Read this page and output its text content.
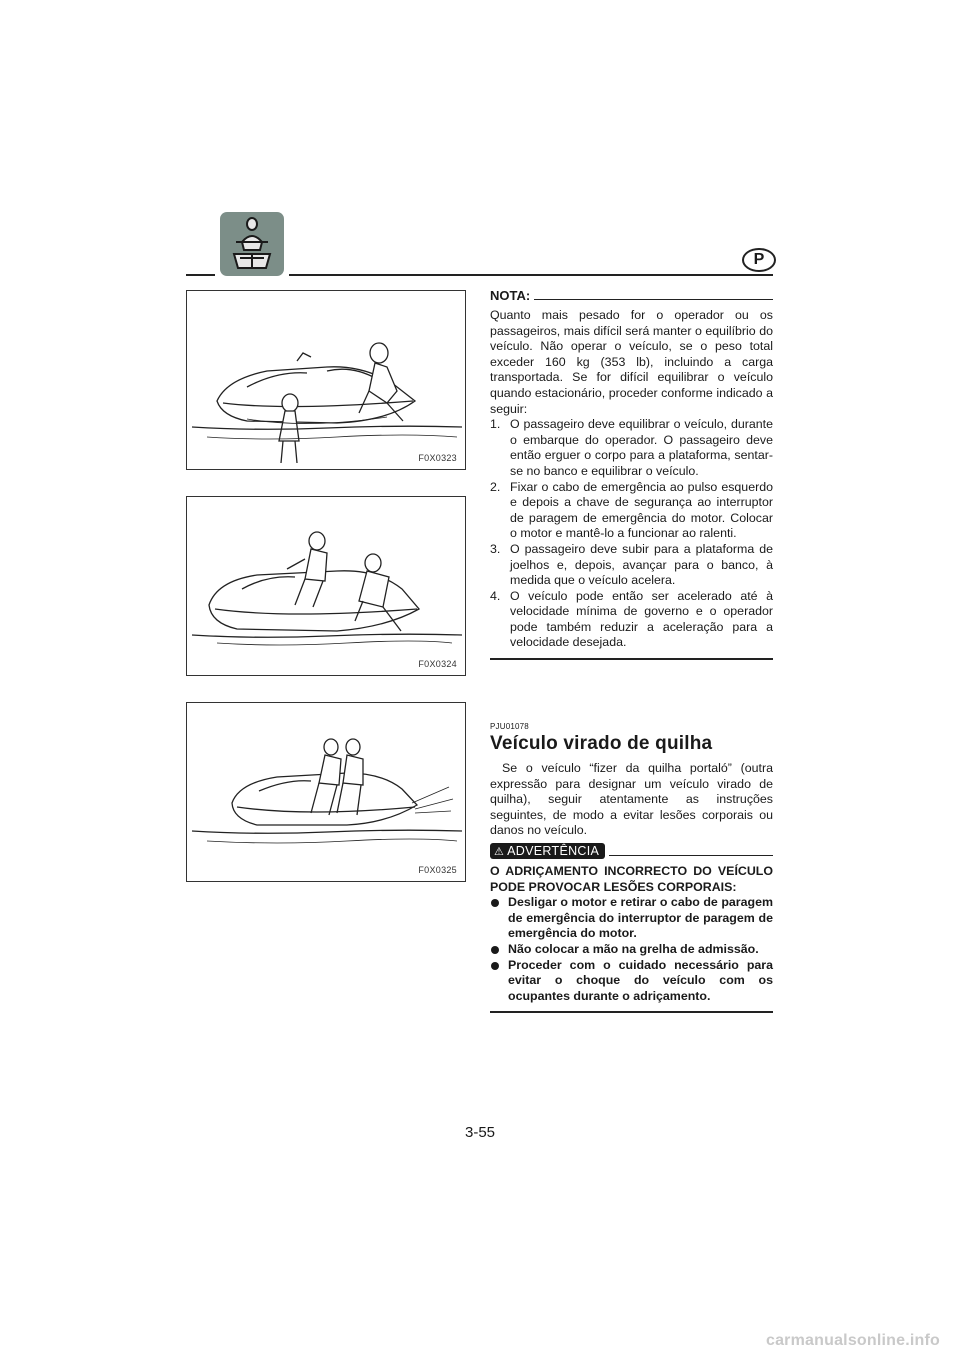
P
F0X0323
F0X0324
F0X0325
NOTA:

Quanto mais pesado for o operador ou os passageiros, mais difícil será manter o equilíbrio do veículo. Não operar o veículo, se o peso total exceder 160 kg (353 lb), incluindo a carga transportada. Se for difícil equilibrar o veículo quando estacionário, proceder conforme indicado a seguir:

1. O passageiro deve equilibrar o veículo, durante o embarque do operador. O passageiro deve então erguer o corpo para a plataforma, sentar-se no banco e equilibrar o veículo.
2. Fixar o cabo de emergência ao pulso esquerdo e depois a chave de segurança ao interruptor de paragem de emergência do motor. Colocar o motor e mantê-lo a funcionar ao ralenti.
3. O passageiro deve subir para a plataforma de joelhos e, depois, avançar para o banco, à medida que o veículo acelera.
4. O veículo pode então ser acelerado até à velocidade mínima de governo e o operador pode também reduzir a aceleração para a velocidade desejada.
PJU01078
Veículo virado de quilha

Se o veículo “fizer da quilha portaló” (outra expressão para designar um veículo virado de quilha), seguir atentamente as instruções seguintes, de modo a evitar lesões corporais ou danos no veículo.

⚠ ADVERTÊNCIA

O ADRIÇAMENTO INCORRECTO DO VEÍCULO PODE PROVOCAR LESÕES CORPORAIS:

Desligar o motor e retirar o cabo de paragem de emergência do interruptor de paragem de emergência do motor.
Não colocar a mão na grelha de admissão.
Proceder com o cuidado necessário para evitar o choque do veículo com os ocupantes durante o adriçamento.
3-55
carmanualsonline.info
